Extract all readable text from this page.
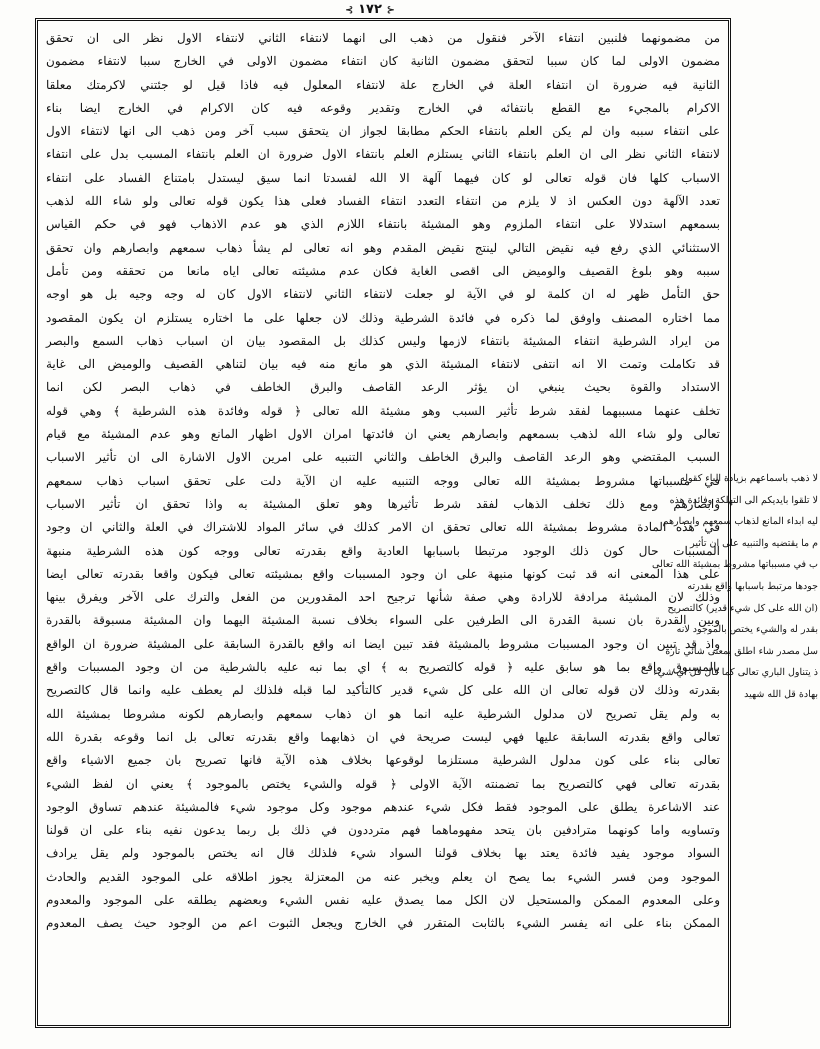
⊰ ١٧٢ ⊱
من مضمونهما فلنبين انتفاء الآخر فنقول من ذهب الى انهما لانتفاء الثاني لانتفاء الاول نظر الى ان تحقق
مضمون الاولى لما كان سببا لتحقق مضمون الثانية كان انتفاء مضمون الاولى في الخارج سببا لانتفاء مضمون
الثانية فيه ضرورة ان انتفاء العلة في الخارج علة لانتفاء المعلول فيه فاذا قيل لو جئتني لاكرمتك معلقا
الاكرام بالمجيء مع القطع بانتفائه في الخارج وتقدير وقوعه فيه كان الاكرام في الخارج ايضا بناء
على انتفاء سببه وان لم يكن العلم بانتفاء الحكم مطابقا لجواز ان يتحقق سبب آخر ومن ذهب الى انها لانتفاء الاول
لانتفاء الثاني نظر الى ان العلم بانتفاء الثاني يستلزم العلم بانتفاء الاول ضرورة ان العلم بانتفاء المسبب بدل على انتفاء
الاسباب كلها فان قوله تعالى لو كان فيهما آلهة الا الله لفسدتا انما سيق ليستدل بامتناع الفساد على انتفاء
تعدد الآلهة دون العكس اذ لا يلزم من انتفاء التعدد انتفاء الفساد فعلى هذا يكون قوله تعالى ولو شاء الله لذهب
بسمعهم استدلالا على انتفاء الملزوم وهو المشيئة بانتفاء اللازم الذي هو عدم الاذهاب فهو في حكم القياس
الاستثنائي الذي رفع فيه نقيض التالي لينتج نقيض المقدم وهو انه تعالى لم يشأ ذهاب سمعهم وابصارهم وان تحقق
سببه وهو بلوغ القصيف والوميض الى اقصى الغاية فكان عدم مشيئته تعالى اياه مانعا من تحققه ومن تأمل
حق التأمل ظهر له ان كلمة لو في الآية لو جعلت لانتفاء الثاني لانتفاء الاول كان له وجه وجيه بل هو اوجه
مما اختاره المصنف واوفق لما ذكره في فائدة الشرطية وذلك لان جعلها على ما اختاره يستلزم ان يكون المقصود
من ايراد الشرطية انتفاء المشيئة بانتفاء لازمها وليس كذلك بل المقصود بيان ان اسباب ذهاب السمع والبصر
قد تكاملت وتمت الا انه انتفى لانتفاء المشيئة الذي هو مانع منه فيه بيان لتناهي القصيف والوميض الى غاية
الاستداد والقوة بحيث ينبغي ان يؤثر الرعد القاصف والبرق الخاطف في ذهاب البصر لكن انما
تخلف عنهما مسببهما لفقد شرط تأثير السبب وهو مشيئة الله تعالى ﴿ قوله وفائدة هذه الشرطية ﴾ وهي قوله
تعالى ولو شاء الله لذهب بسمعهم وابصارهم يعني ان فائدتها امران الاول اظهار المانع وهو عدم المشيئة مع قيام
السبب المقتضي وهو الرعد القاصف والبرق الخاطف والثاني التنبيه على امرين الاول الاشارة الى ان تأثير الاسباب
في مسبباتها مشروط بمشيئة الله تعالى ووجه التنبيه عليه ان الآية دلت على تحقق اسباب ذهاب سمعهم
وابصارهم ومع ذلك تخلف الذهاب لفقد شرط تأثيرها وهو تعلق المشيئة به واذا تحقق ان تأثير الاسباب
في هذه المادة مشروط بمشيئة الله تعالى تحقق ان الامر كذلك في سائر المواد للاشتراك في العلة والثاني ان وجود
المسببات حال كون ذلك الوجود مرتبطا باسبابها العادية واقع بقدرته تعالى ووجه كون هذه الشرطية منبهة
على هذا المعنى انه قد ثبت كونها منبهة على ان وجود المسببات واقع بمشيئته تعالى فيكون واقعا بقدرته تعالى ايضا
وذلك لان المشيئة مرادفة للارادة وهي صفة شأنها ترجيح احد المقدورين من الفعل والترك على الآخر ويفرق بينها
وبين القدرة بان نسبة القدرة الى الطرفين على السواء بخلاف نسبة المشيئة اليهما وان المشيئة مسبوقة بالقدرة
واذ قد تبين ان وجود المسببات مشروط بالمشيئة فقد تبين ايضا انه واقع بالقدرة السابقة على المشيئة ضرورة ان الواقع
بالمسبوق واقع بما هو سابق عليه ﴿ قوله كالتصريح به ﴾ اي بما نبه عليه بالشرطية من ان وجود المسببات واقع
بقدرته وذلك لان قوله تعالى ان الله على كل شيء قدير كالتأكيد لما قبله فلذلك لم يعطف عليه وانما قال كالتصريح
به ولم يقل تصريح لان مدلول الشرطية عليه انما هو ان ذهاب سمعهم وابصارهم لكونه مشروطا بمشيئة الله
تعالى واقع بقدرته السابقة عليها فهي ليست صريحة في ان ذهابهما واقع بقدرته تعالى بل انما وقوعه بقدرة الله
تعالى بناء على كون مدلول الشرطية مستلزما لوقوعها بخلاف هذه الآية فانها تصريح بان جميع الاشياء واقع
بقدرته تعالى فهي كالتصريح بما تضمنته الآية الاولى ﴿ قوله والشيء يختص بالموجود ﴾ يعني ان لفظ الشيء
عند الاشاعرة يطلق على الموجود فقط فكل شيء عندهم موجود وكل موجود شيء فالمشيئة عندهم تساوق الوجود
وتساويه واما كونهما مترادفين بان يتحد مفهوماهما فهم مترددون في ذلك بل ربما يدعون نفيه بناء على ان قولنا
السواد موجود يفيد فائدة يعتد بها بخلاف قولنا السواد شيء فلذلك قال انه يختص بالموجود ولم يقل يرادف
الموجود ومن فسر الشيء بما يصح ان يعلم ويخبر عنه من المعتزلة يجوز اطلاقه على الموجود القديم والحادث
وعلى المعدوم الممكن والمستحيل لان الكل مما يصدق عليه نفس الشيء وبعضهم يطلقه على الموجود والمعدوم
الممكن بناء على انه يفسر الشيء بالثابت المتقرر في الخارج ويجعل الثبوت اعم من الوجود حيث يصف المعدوم
لا ذهب باسماعهم بزيادة الباء كقوله
لا تلقوا بايديكم الى التهلكة وفائدة هذه
ليه ابداء المانع لذهاب سمعهم وابصارهم
م ما يقتضيه والتنبيه على ان تأثير
ب في مسبباتها مشروط بمشيئة الله تعالى
جودها مرتبط باسبابها واقع بقدرته
(ان الله على كل شيء قدير) كالتصريح
بقدر له والشيء يختص بالموجود لانه
سل مصدر شاء اطلق بمعنى شائي تارة
ذ يتناول الباري تعالى كما قال قل اي شيء
بهادة قل الله شهيد
